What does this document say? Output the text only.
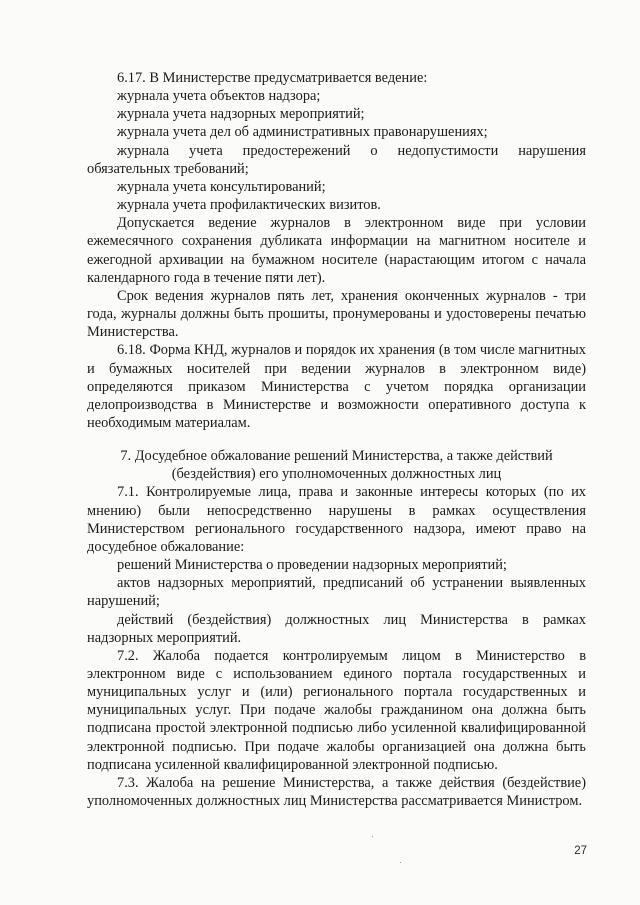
6.17. В Министерстве предусматривается ведение:

журнала учета объектов надзора;

журнала учета надзорных мероприятий;

журнала учета дел об административных правонарушениях;

журнала учета предостережений о недопустимости нарушения обязательных требований;

журнала учета консультирований;

журнала учета профилактических визитов.

Допускается ведение журналов в электронном виде при условии ежемесячного сохранения дубликата информации на магнитном носителе и ежегодной архивации на бумажном носителе (нарастающим итогом с начала календарного года в течение пяти лет).

Срок ведения журналов пять лет, хранения оконченных журналов - три года, журналы должны быть прошиты, пронумерованы и удостоверены печатью Министерства.

6.18. Форма КНД, журналов и порядок их хранения (в том числе магнитных и бумажных носителей при ведении журналов в электронном виде) определяются приказом Министерства с учетом порядка организации делопроизводства в Министерстве и возможности оперативного доступа к необходимым материалам.

7. Досудебное обжалование решений Министерства, а также действий
(бездействия) его уполномоченных должностных лиц

7.1. Контролируемые лица, права и законные интересы которых (по их мнению) были непосредственно нарушены в рамках осуществления Министерством регионального государственного надзора, имеют право на досудебное обжалование:

решений Министерства о проведении надзорных мероприятий;

актов надзорных мероприятий, предписаний об устранении выявленных нарушений;

действий (бездействия) должностных лиц Министерства в рамках надзорных мероприятий.

7.2. Жалоба подается контролируемым лицом в Министерство в электронном виде с использованием единого портала государственных и муниципальных услуг и (или) регионального портала государственных и муниципальных услуг. При подаче жалобы гражданином она должна быть подписана простой электронной подписью либо усиленной квалифицированной электронной подписью. При подаче жалобы организацией она должна быть подписана усиленной квалифицированной электронной подписью.

7.3. Жалоба на решение Министерства, а также действия (бездействие) уполномоченных должностных лиц Министерства рассматривается Министром.

27
